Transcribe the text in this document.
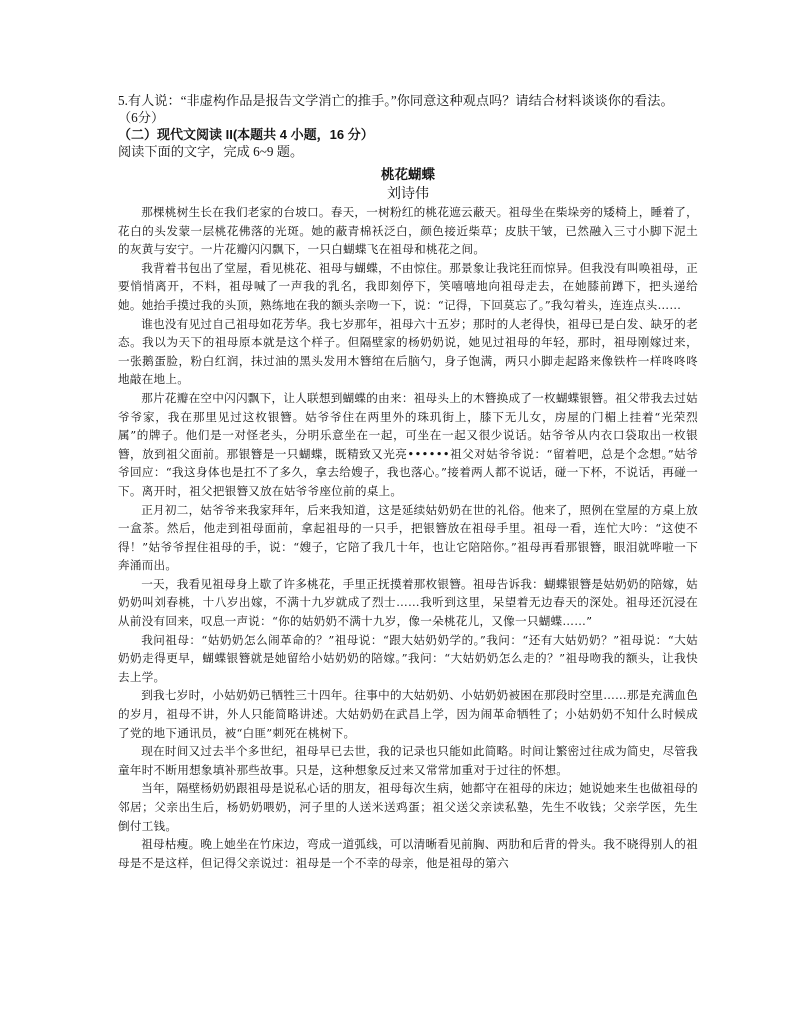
5.有人说：“非虚构作品是报告文学消亡的推手。”你同意这种观点吗？请结合材料谈谈你的看法。
（6分）

（二）现代文阅读 II(本题共 4 小题，16 分）

阅读下面的文字，完成 6~9 题。

桃花蝴蝶
刘诗伟

那棵桃树生长在我们老家的台坡口。春天，一树粉红的桃花遮云蔽天。祖母坐在柴垛旁的矮椅上，睡着了，花白的头发蒙一层桃花佛落的光斑。她的蔽青棉袄泛白，颜色接近柴草；皮肤干皱，已然融入三寸小脚下泥土的灰黄与安宁。一片花瓣闪闪飘下，一只白蝴蝶飞在祖母和桃花之间。

我背着书包出了堂屋，看见桃花、祖母与蝴蝶，不由惊住。那景象让我诧狂而惊异。但我没有叫唤祖母，正要悄悄离开，不料，祖母喊了一声我的乳名，我即刻停下，笑嘻嘻地向祖母走去，在她膝前蹲下，把头递给她。她抬手摸过我的头顶，熟练地在我的额头亲吻一下，说：“记得，下回莫忘了。”我勾着头，连连点头……

谁也没有见过自己祖母如花芳华。我七岁那年，祖母六十五岁；那时的人老得快，祖母已是白发、缺牙的老态。我以为天下的祖母原本就是这个样子。但隔壁家的杨奶奶说，她见过祖母的年轻，那时，祖母刚嫁过来，一张鹅蛋脸，粉白红润，抹过油的黑头发用木簪绾在后脑勺，身子饱满，两只小脚走起路来像铁杵一样咚咚咚地敲在地上。

那片花瓣在空中闪闪飘下，让人联想到蝴蝶的由来：祖母头上的木簪换成了一枚蝴蝶银簪。祖父带我去过姑爷爷家，我在那里见过这枚银簪。姑爷爷住在两里外的珠玑街上，膝下无儿女，房屋的门楣上挂着“光荣烈属”的牌子。他们是一对怪老头，分明乐意坐在一起，可坐在一起又很少说话。姑爷爷从内衣口袋取出一枚银簪，放到祖父面前。那银簪是一只蝴蝶，既精致又光亮••••••祖父对姑爷爷说：“留着吧，总是个念想。”姑爷爷回应：“我这身体也是扛不了多久，拿去给嫂子，我也落心。”接着两人都不说话，碰一下杯，不说话，再碰一下。离开时，祖父把银簪又放在姑爷爷座位前的桌上。

正月初二，姑爷爷来我家拜年，后来我知道，这是延续姑奶奶在世的礼俗。他来了，照例在堂屋的方桌上放一盒茶。然后，他走到祖母面前，拿起祖母的一只手，把银簪放在祖母手里。祖母一看，连忙大吟：“这使不得！”姑爷爷捏住祖母的手，说：“嫂子，它陪了我几十年，也让它陪陪你。”祖母再看那银簪，眼泪就哗啦一下奔涌而出。

一天，我看见祖母身上歇了许多桃花，手里正抚摸着那枚银簪。祖母告诉我：蝴蝶银簪是姑奶奶的陪嫁，姑奶奶叫刘春桃，十八岁出嫁，不满十九岁就成了烈士……我听到这里，呆望着无边春天的深处。祖母还沉浸在从前没有回来，叹息一声说：“你的姑奶奶不满十九岁，像一朵桃花儿，又像一只蝴蝶……”

我问祖母：“姑奶奶怎么闹革命的？”祖母说：“跟大姑奶奶学的。”我问：“还有大姑奶奶？”祖母说：“大姑奶奶走得更早，蝴蝶银簪就是她留给小姑奶奶的陪嫁。”我问：“大姑奶奶怎么走的？”祖母吻我的额头，让我快去上学。

到我七岁时，小姑奶奶已牺牲三十四年。往事中的大姑奶奶、小姑奶奶被困在那段时空里……那是充满血色的岁月，祖母不讲，外人只能简略讲述。大姑奶奶在武昌上学，因为闹革命牺牲了；小姑奶奶不知什么时候成了党的地下通讯员，被“白匪”刺死在桃树下。

现在时间又过去半个多世纪，祖母早已去世，我的记录也只能如此简略。时间让繁密过往成为简史，尽管我童年时不断用想象填补那些故事。只是，这种想象反过来又常常加重对于过往的怀想。

当年，隔壁杨奶奶跟祖母是说私心话的朋友，祖母每次生病，她都守在祖母的床边；她说她来生也做祖母的邻居；父亲出生后，杨奶奶喂奶，河子里的人送米送鸡蛋；祖父送父亲读私塾，先生不收钱；父亲学医，先生倒付工钱。

祖母枯瘦。晚上她坐在竹床边，弯成一道弧线，可以清晰看见前胸、两肋和后背的骨头。我不晓得别人的祖母是不是这样，但记得父亲说过：祖母是一个不幸的母亲，他是祖母的第六
